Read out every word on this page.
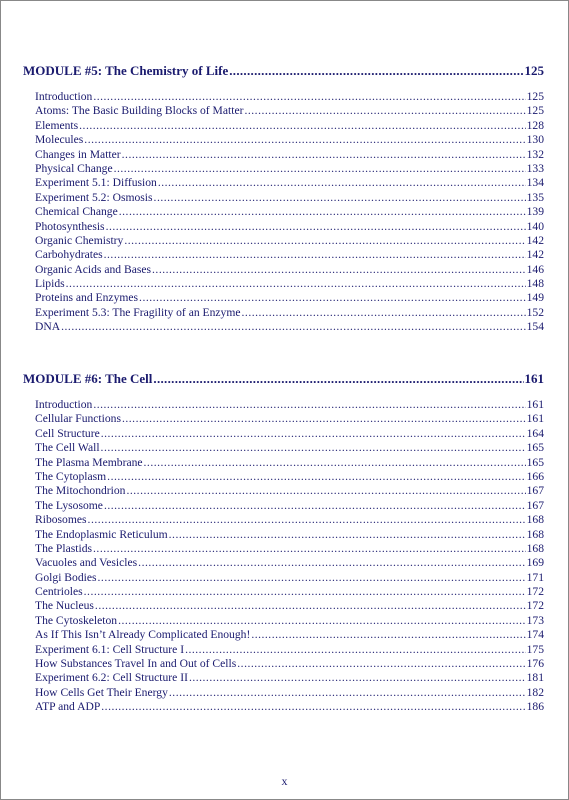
MODULE #5: The Chemistry of Life .....	125
Introduction .....	125
Atoms: The Basic Building Blocks of Matter .....	125
Elements .....	128
Molecules .....	130
Changes in Matter .....	132
Physical Change .....	133
Experiment 5.1: Diffusion .....	134
Experiment 5.2: Osmosis .....	135
Chemical Change .....	139
Photosynthesis .....	140
Organic Chemistry .....	142
Carbohydrates .....	142
Organic Acids and Bases .....	146
Lipids .....	148
Proteins and Enzymes .....	149
Experiment 5.3: The Fragility of an Enzyme .....	152
DNA .....	154
MODULE #6: The Cell .....	161
Introduction .....	161
Cellular Functions .....	161
Cell Structure .....	164
The Cell Wall .....	165
The Plasma Membrane .....	165
The Cytoplasm .....	166
The Mitochondrion .....	167
The Lysosome .....	167
Ribosomes .....	168
The Endoplasmic Reticulum .....	168
The Plastids .....	168
Vacuoles and Vesicles .....	169
Golgi Bodies .....	171
Centrioles .....	172
The Nucleus .....	172
The Cytoskeleton .....	173
As If This Isn’t Already Complicated Enough! .....	174
Experiment 6.1: Cell Structure I .....	175
How Substances Travel In and Out of Cells .....	176
Experiment 6.2: Cell Structure II .....	181
How Cells Get Their Energy .....	182
ATP and ADP .....	186
x
